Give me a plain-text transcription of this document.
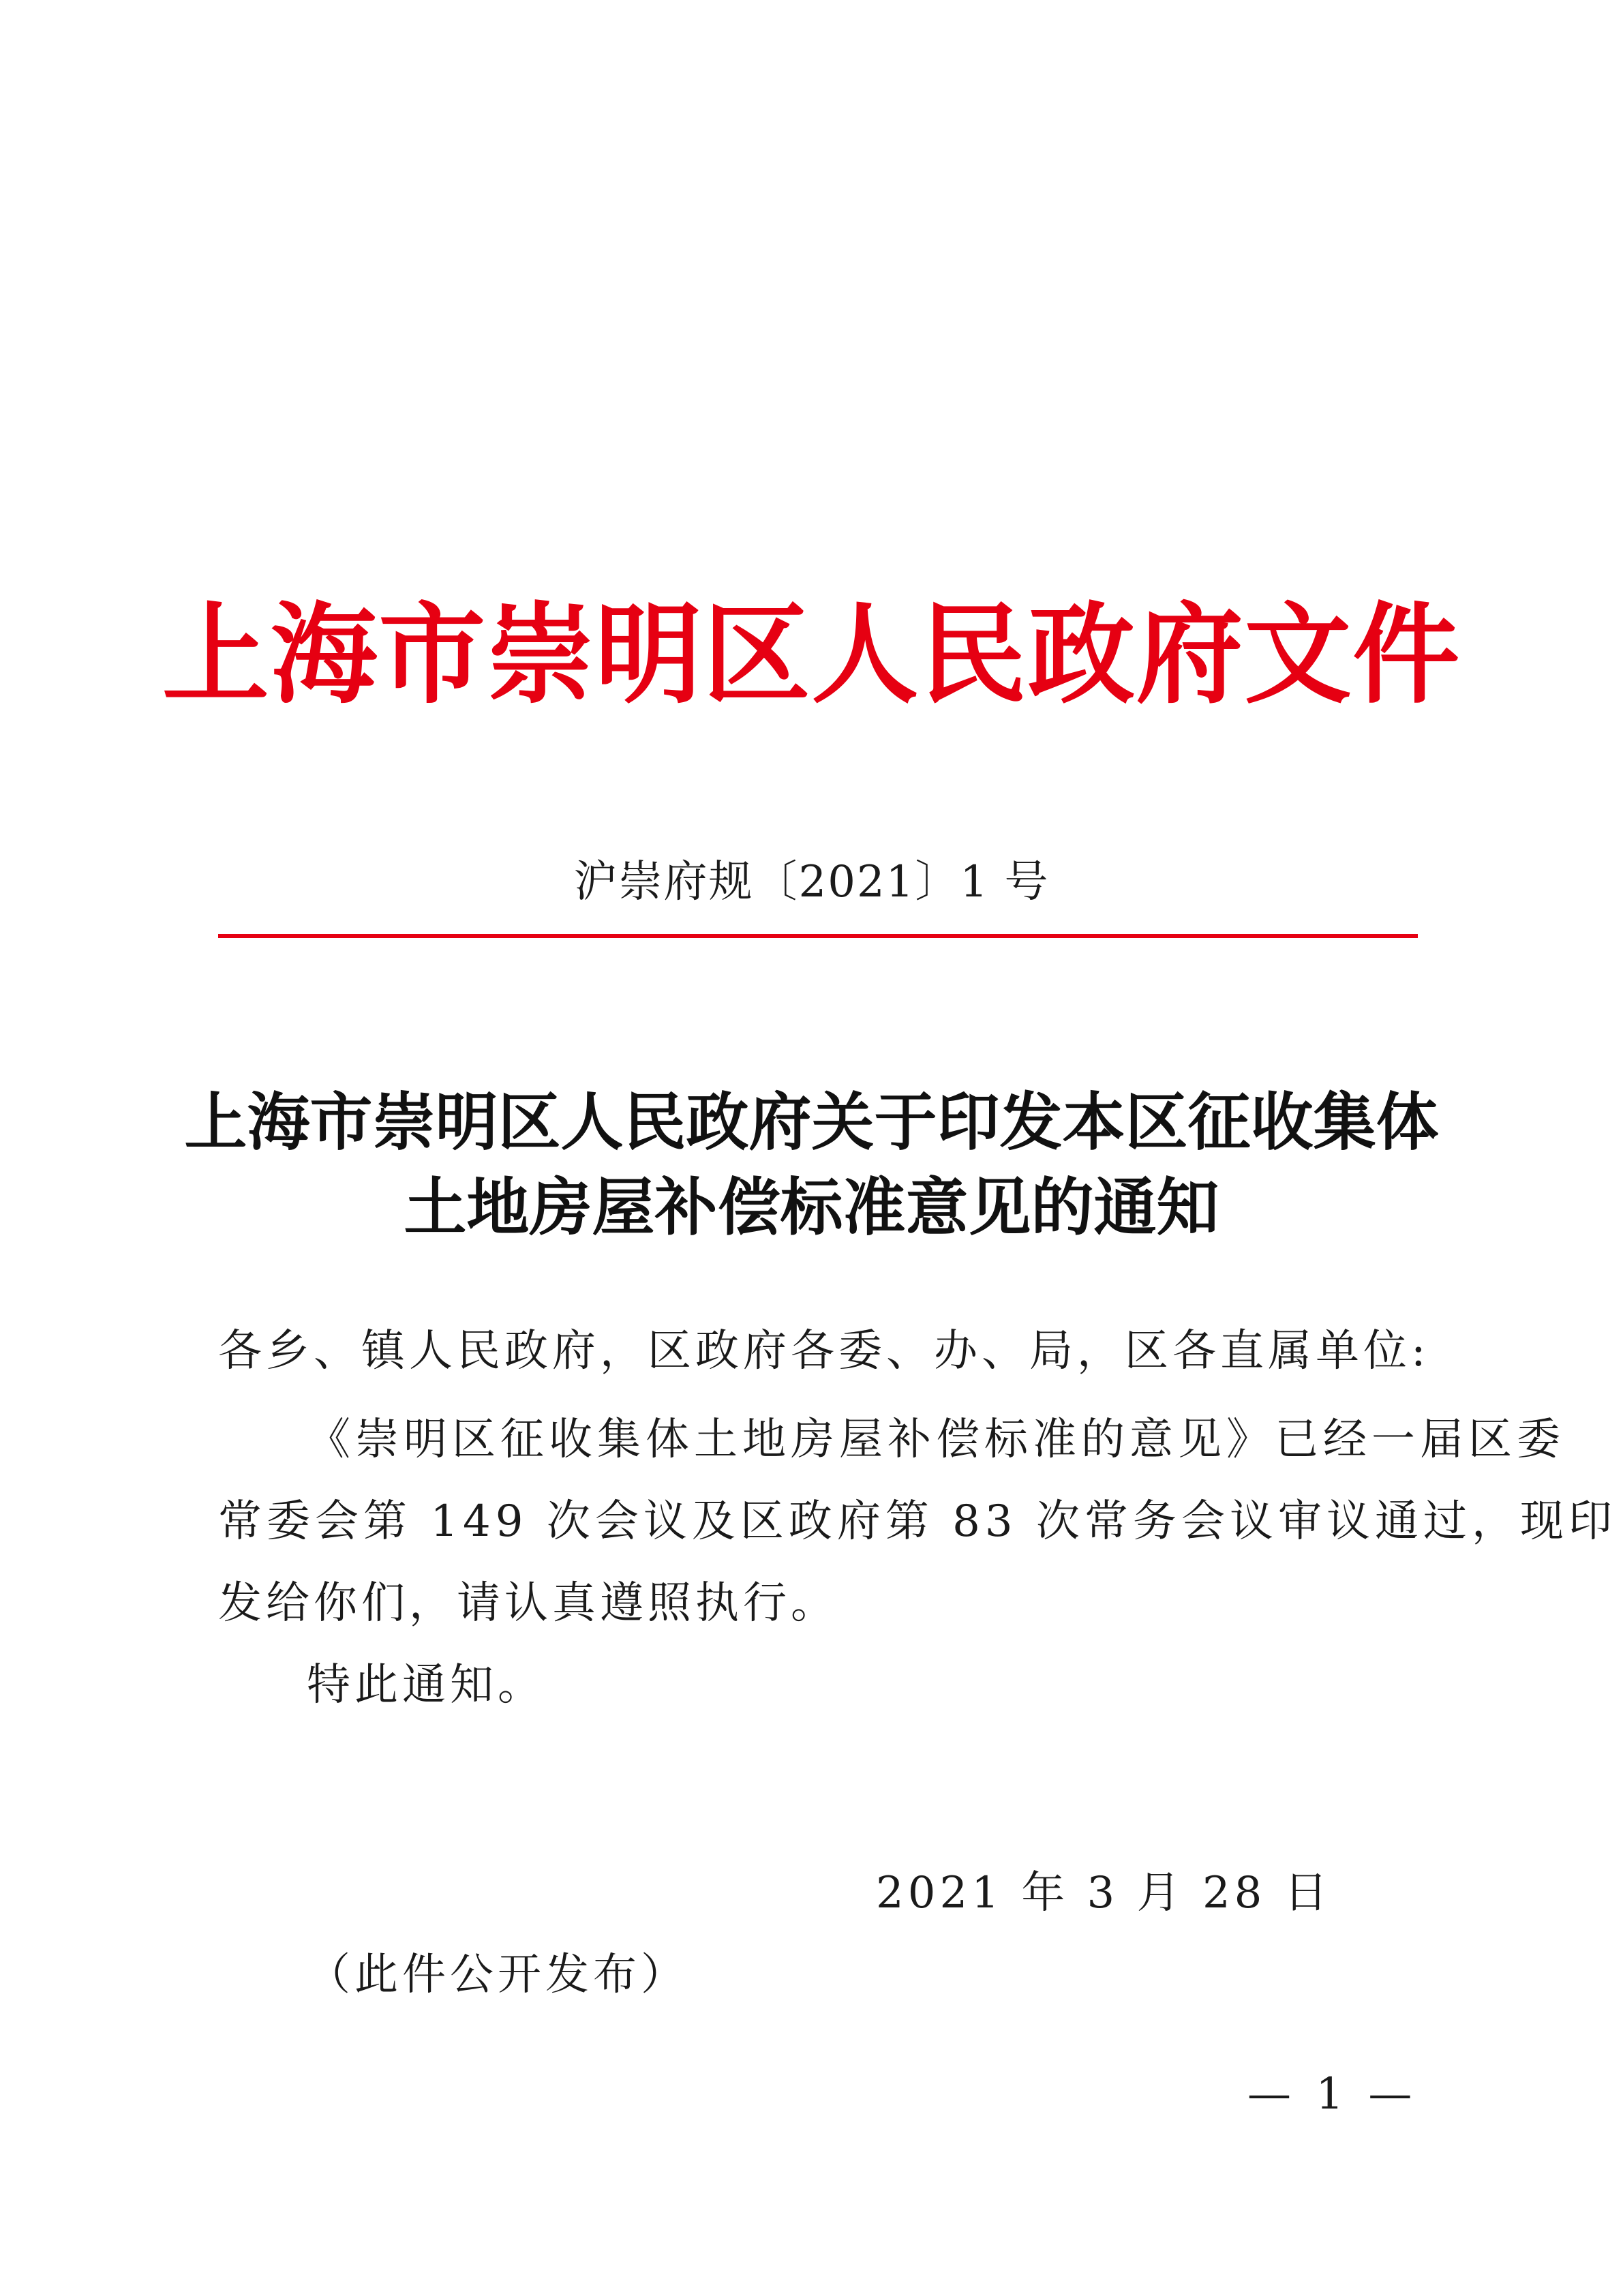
上海市崇明区人民政府文件
沪崇府规〔2021〕1 号
上海市崇明区人民政府关于印发本区征收集体
土地房屋补偿标准意见的通知
各乡、镇人民政府，区政府各委、办、局，区各直属单位:
《崇明区征收集体土地房屋补偿标准的意见》已经一届区委
常委会第 149 次会议及区政府第 83 次常务会议审议通过，现印
发给你们，请认真遵照执行。
特此通知。
2021 年 3 月 28 日
（此件公开发布）
— 1 —
